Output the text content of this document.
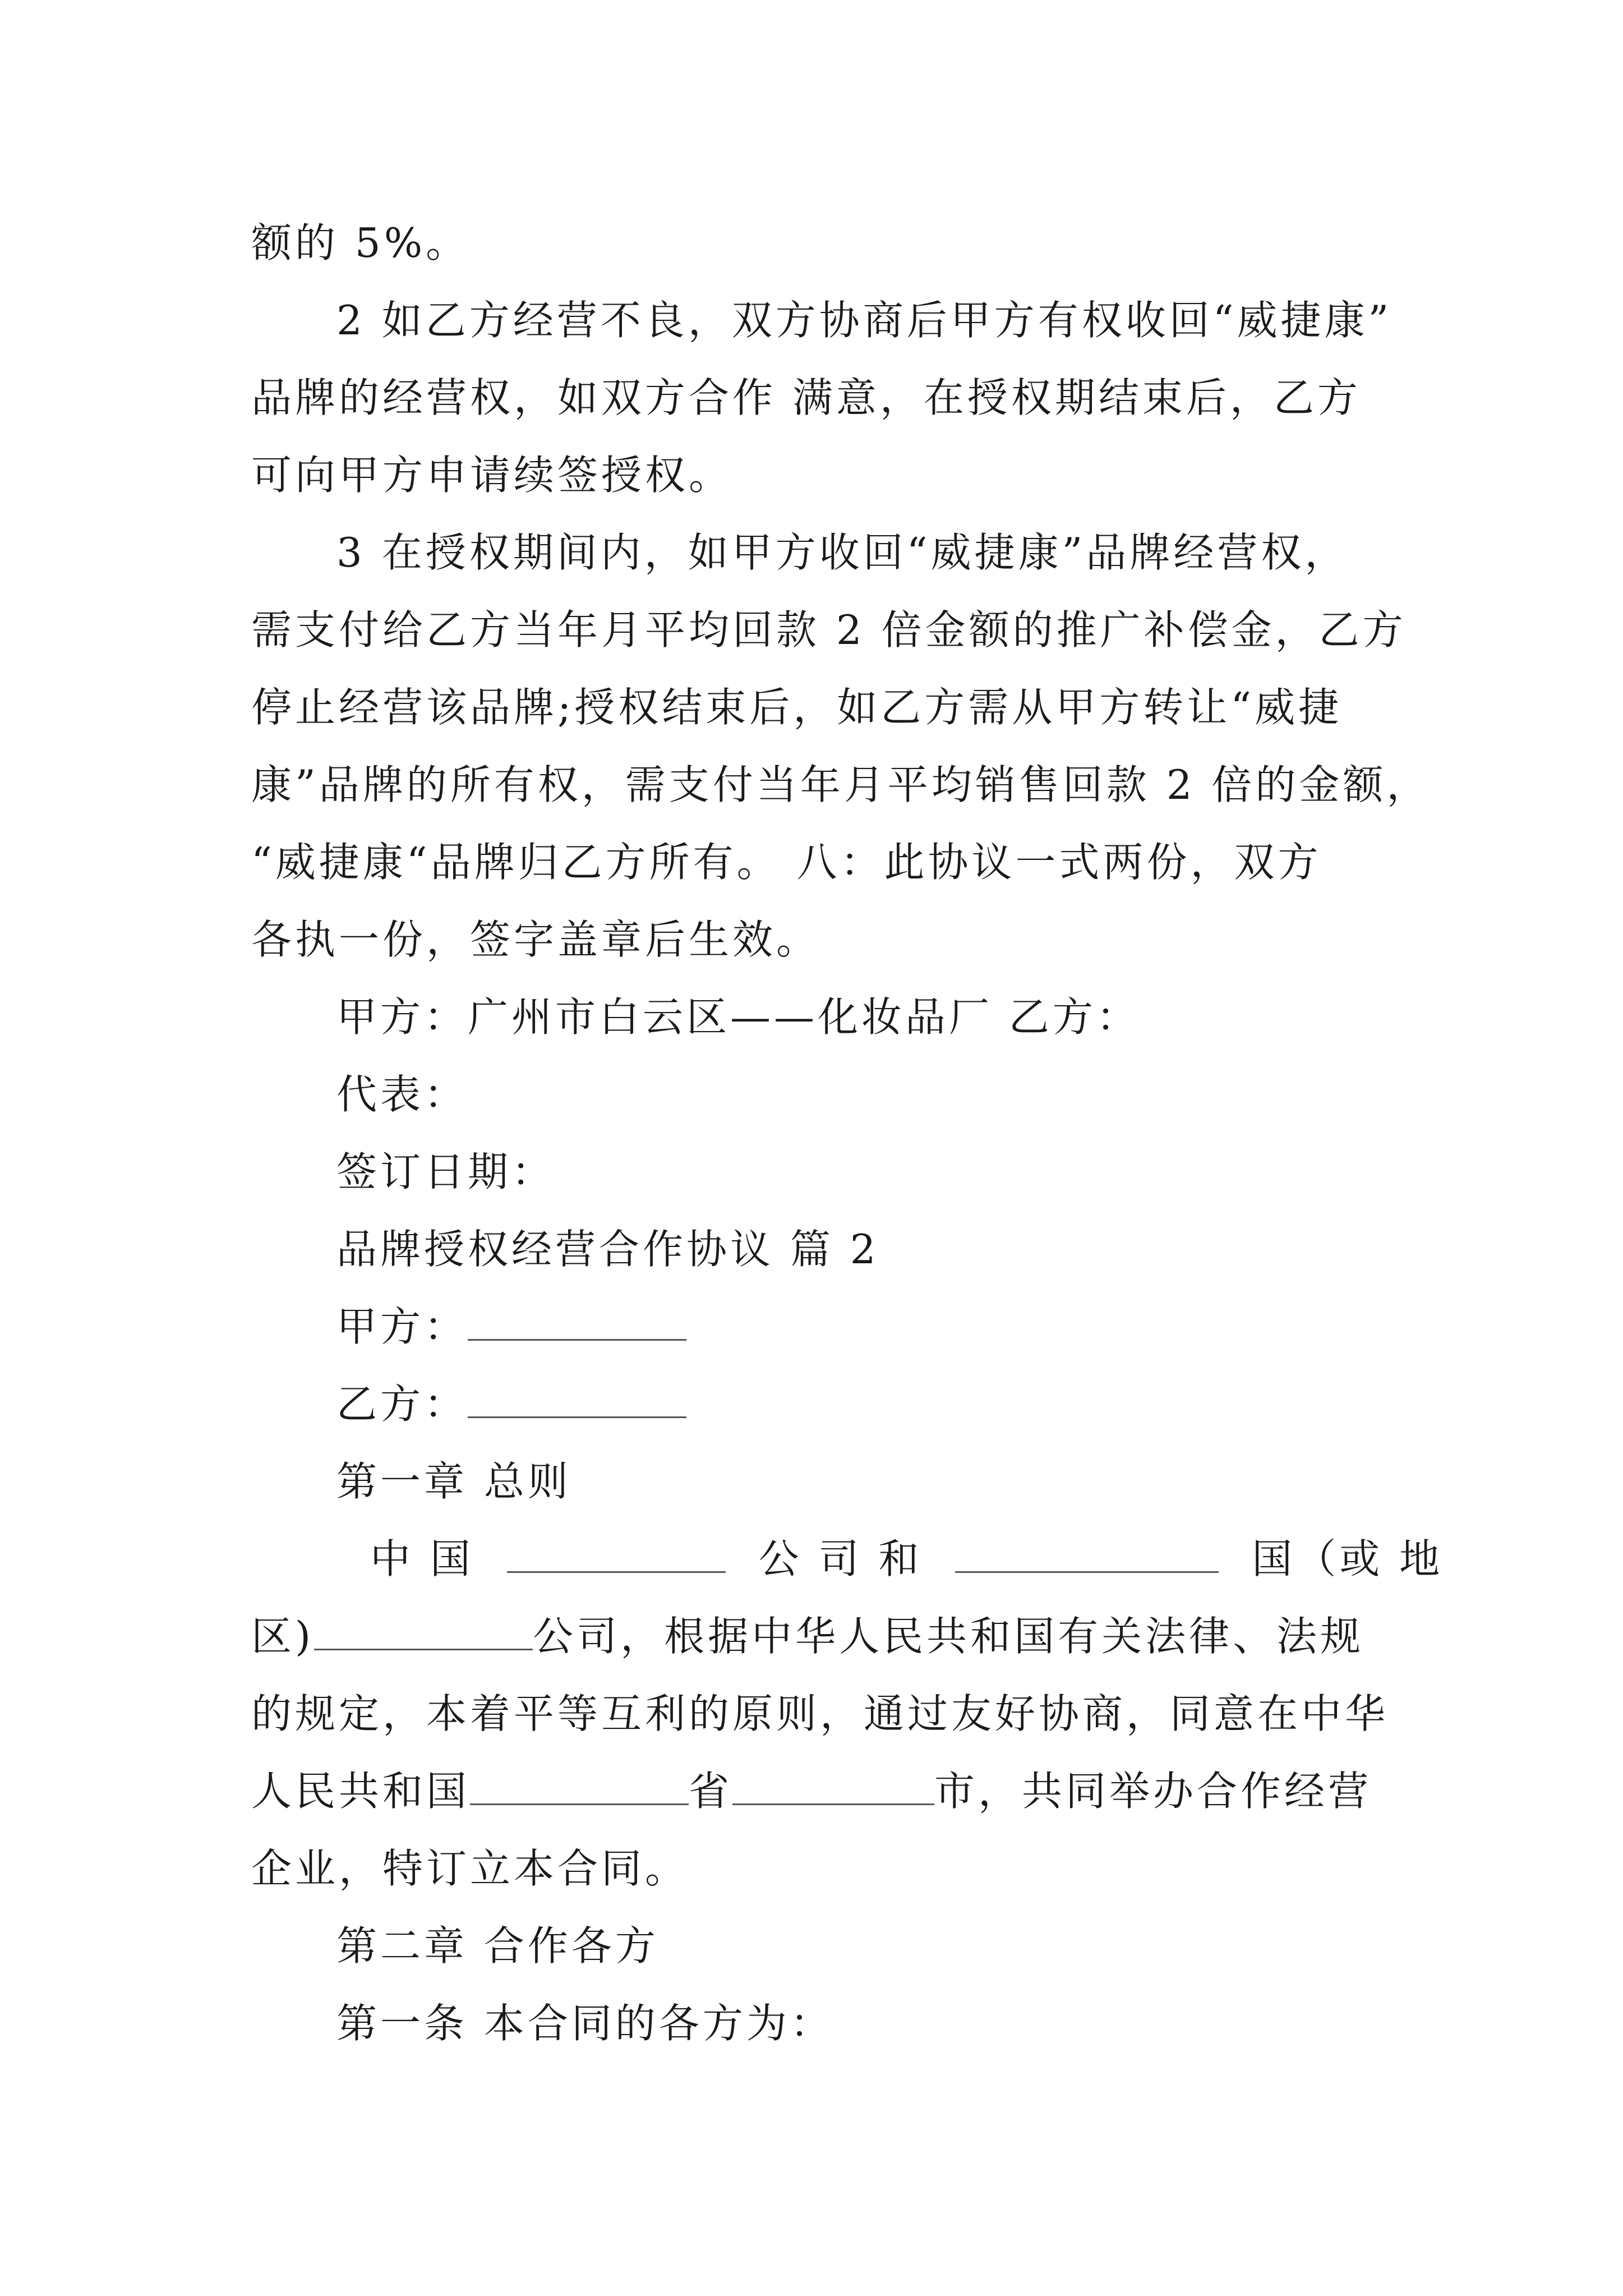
额的 5%。
2 如乙方经营不良，双方协商后甲方有权收回“威捷康”
品牌的经营权，如双方合作 满意，在授权期结束后，乙方
可向甲方申请续签授权。
3 在授权期间内，如甲方收回“威捷康”品牌经营权，
需支付给乙方当年月平均回款 2 倍金额的推广补偿金，乙方
停止经营该品牌;授权结束后，如乙方需从甲方转让“威捷
康”品牌的所有权，需支付当年月平均销售回款 2 倍的金额，
“威捷康“品牌归乙方所有。 八：此协议一式两份，双方
各执一份，签字盖章后生效。
甲方：广州市白云区——化妆品厂 乙方：
代表：
签订日期：
品牌授权经营合作协议 篇 2
甲方：
乙方：
第一章 总则
中 国	公 司 和	国（或 地
区)	公司，根据中华人民共和国有关法律、法规
的规定，本着平等互利的原则，通过友好协商，同意在中华
人民共和国	省	市，共同举办合作经营
企业，特订立本合同。
第二章 合作各方
第一条 本合同的各方为：
